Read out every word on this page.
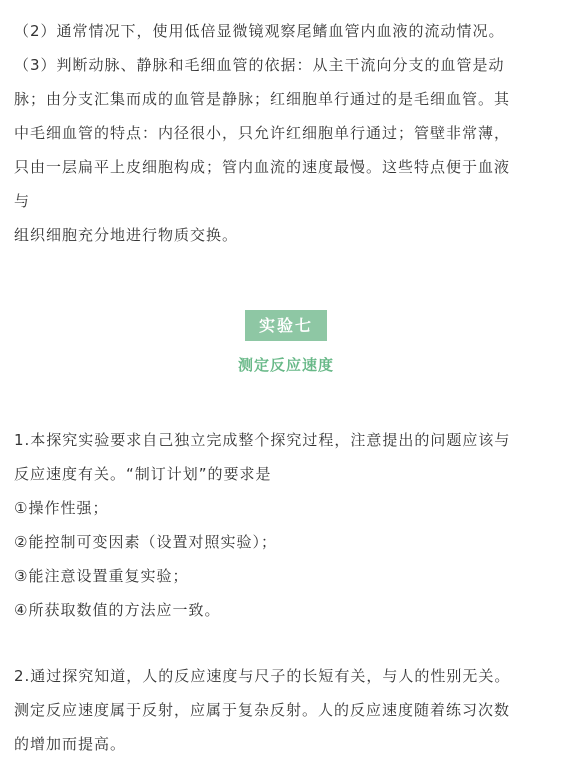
（2）通常情况下，使用低倍显微镜观察尾鳍血管内血液的流动情况。
（3）判断动脉、静脉和毛细血管的依据：从主干流向分支的血管是动
脉；由分支汇集而成的血管是静脉；红细胞单行通过的是毛细血管。其
中毛细血管的特点：内径很小，只允许红细胞单行通过；管壁非常薄，
只由一层扁平上皮细胞构成；管内血流的速度最慢。这些特点便于血液
与
组织细胞充分地进行物质交换。
实验七
测定反应速度
1.本探究实验要求自己独立完成整个探究过程，注意提出的问题应该与
反应速度有关。“制订计划”的要求是
①操作性强；
②能控制可变因素（设置对照实验）；
③能注意设置重复实验；
④所获取数值的方法应一致。
2.通过探究知道，人的反应速度与尺子的长短有关，与人的性别无关。
测定反应速度属于反射，应属于复杂反射。人的反应速度随着练习次数
的增加而提高。
